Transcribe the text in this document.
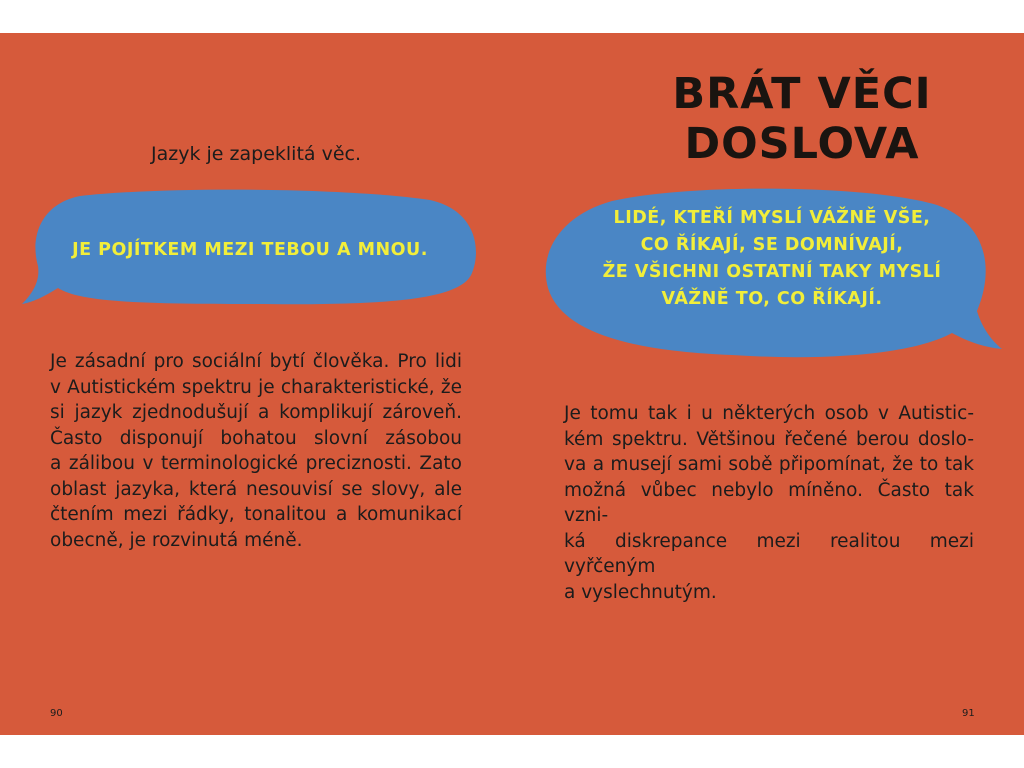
Jazyk je zapeklitá věc.
JE POJÍTKEM MEZI TEBOU A MNOU.
Je zásadní pro sociální bytí člověka. Pro lidi
v Autistickém spektru je charakteristické, že
si jazyk zjednodušují a komplikují zároveň.
Často disponují bohatou slovní zásobou
a zálibou v terminologické preciznosti. Zato
oblast jazyka, která nesouvisí se slovy, ale
čtením mezi řádky, tonalitou a komunikací
obecně, je rozvinutá méně.
90
BRÁT VĚCI
DOSLOVA
LIDÉ, KTEŘÍ MYSLÍ VÁŽNĚ VŠE,
CO ŘÍKAJÍ, SE DOMNÍVAJÍ,
ŽE VŠICHNI OSTATNÍ TAKY MYSLÍ
VÁŽNĚ TO, CO ŘÍKAJÍ.
Je tomu tak i u některých osob v Autistic-
kém spektru. Většinou řečené berou doslo-
va a musejí sami sobě připomínat, že to tak
možná vůbec nebylo míněno. Často tak vzni-
ká diskrepance mezi realitou mezi vyřčeným
a vyslechnutým.
91
